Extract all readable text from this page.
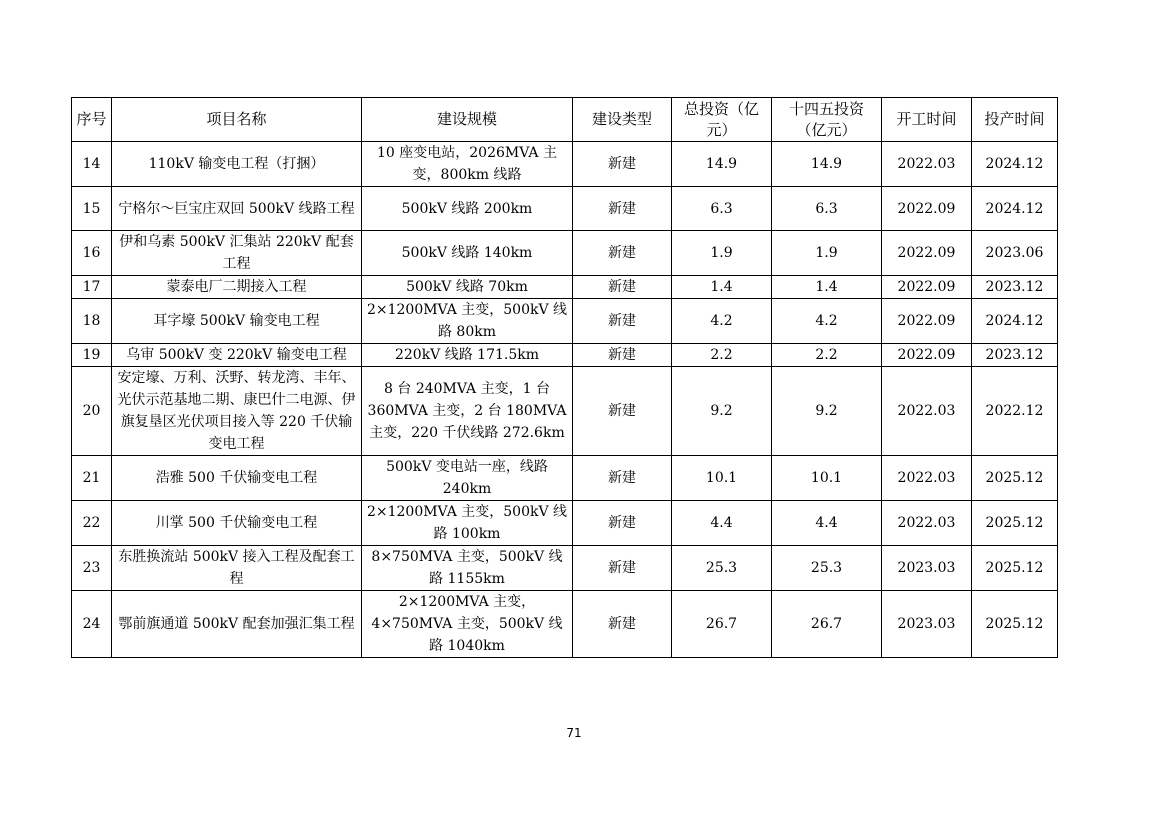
序号	项目名称	建设规模	建设类型	总投资（亿元）	十四五投资（亿元）	开工时间	投产时间
14	110kV 输变电工程（打捆）	10 座变电站，2026MVA 主变，800km 线路	新建	14.9	14.9	2022.03	2024.12
15	宁格尔～巨宝庄双回 500kV 线路工程	500kV 线路 200km	新建	6.3	6.3	2022.09	2024.12
16	伊和乌素 500kV 汇集站 220kV 配套工程	500kV 线路 140km	新建	1.9	1.9	2022.09	2023.06
17	蒙泰电厂二期接入工程	500kV 线路 70km	新建	1.4	1.4	2022.09	2023.12
18	耳字壕 500kV 输变电工程	2×1200MVA 主变，500kV 线路 80km	新建	4.2	4.2	2022.09	2024.12
19	乌审 500kV 变 220kV 输变电工程	220kV 线路 171.5km	新建	2.2	2.2	2022.09	2023.12
20	安定壕、万利、沃野、转龙湾、丰年、光伏示范基地二期、康巴什二电源、伊旗复垦区光伏项目接入等 220 千伏输变电工程	8 台 240MVA 主变，1 台 360MVA 主变，2 台 180MVA 主变，220 千伏线路 272.6km	新建	9.2	9.2	2022.03	2022.12
21	浩雅 500 千伏输变电工程	500kV 变电站一座，线路 240km	新建	10.1	10.1	2022.03	2025.12
22	川掌 500 千伏输变电工程	2×1200MVA 主变，500kV 线路 100km	新建	4.4	4.4	2022.03	2025.12
23	东胜换流站 500kV 接入工程及配套工程	8×750MVA 主变，500kV 线路 1155km	新建	25.3	25.3	2023.03	2025.12
24	鄂前旗通道 500kV 配套加强汇集工程	2×1200MVA 主变，4×750MVA 主变，500kV 线路 1040km	新建	26.7	26.7	2023.03	2025.12
71
